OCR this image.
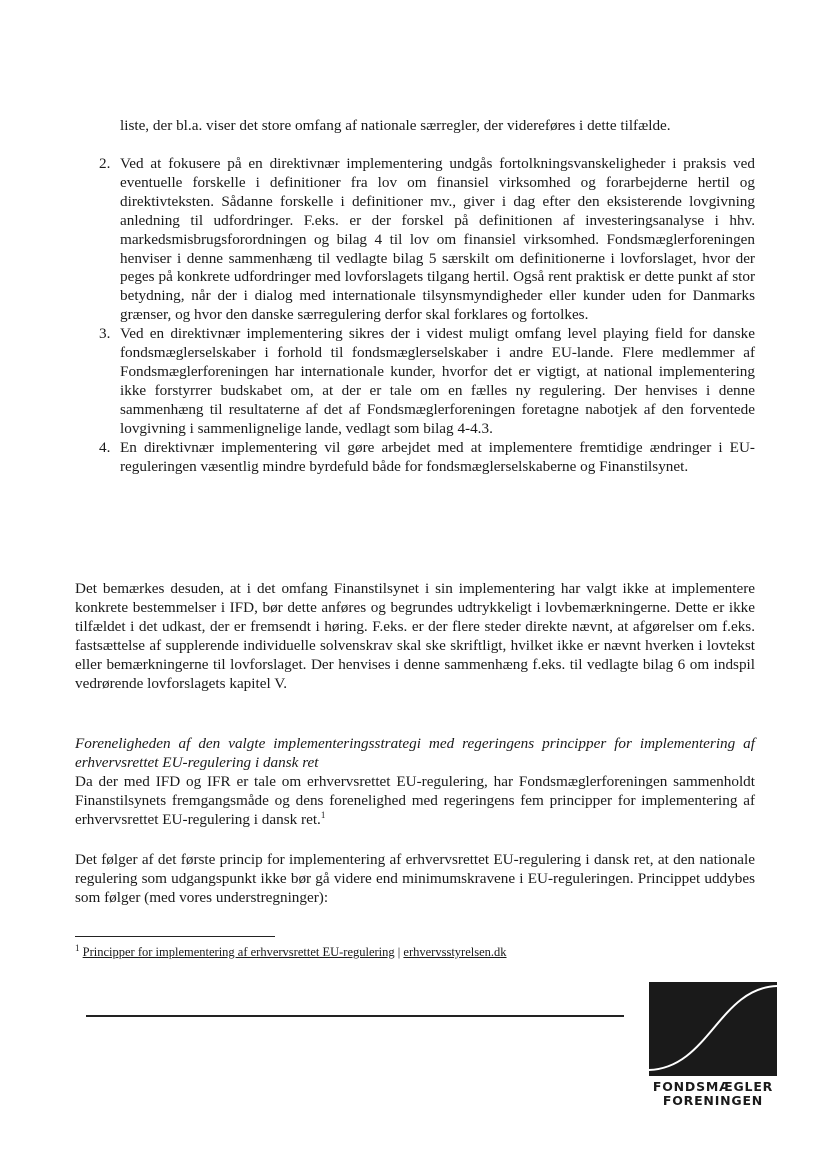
liste, der bl.a. viser det store omfang af nationale særregler, der videreføres i dette tilfælde.

2. Ved at fokusere på en direktivnær implementering undgås fortolkningsvanskeligheder i praksis ved eventuelle forskelle i definitioner fra lov om finansiel virksomhed og forarbejderne hertil og direktivteksten. Sådanne forskelle i definitioner mv., giver i dag efter den eksisterende lovgivning anledning til udfordringer. F.eks. er der forskel på definitionen af investeringsanalyse i hhv. markedsmisbrugsforordningen og bilag 4 til lov om finansiel virksomhed. Fondsmæglerforeningen henviser i denne sammenhæng til vedlagte bilag 5 særskilt om definitionerne i lovforslaget, hvor der peges på konkrete udfordringer med lovforslagets tilgang hertil. Også rent praktisk er dette punkt af stor betydning, når der i dialog med internationale tilsynsmyndigheder eller kunder uden for Danmarks grænser, og hvor den danske særregulering derfor skal forklares og fortolkes.
3. Ved en direktivnær implementering sikres der i videst muligt omfang level playing field for danske fondsmæglerselskaber i forhold til fondsmæglerselskaber i andre EU-lande. Flere medlemmer af Fondsmæglerforeningen har internationale kunder, hvorfor det er vigtigt, at national implementering ikke forstyrrer budskabet om, at der er tale om en fælles ny regulering. Der henvises i denne sammenhæng til resultaterne af det af Fondsmæglerforeningen foretagne nabotjek af den forventede lovgivning i sammenlignelige lande, vedlagt som bilag 4-4.3.
4. En direktivnær implementering vil gøre arbejdet med at implementere fremtidige ændringer i EU-reguleringen væsentlig mindre byrdefuld både for fondsmæglerselskaberne og Finanstilsynet.

Det bemærkes desuden, at i det omfang Finanstilsynet i sin implementering har valgt ikke at implementere konkrete bestemmelser i IFD, bør dette anføres og begrundes udtrykkeligt i lovbemærkningerne. Dette er ikke tilfældet i det udkast, der er fremsendt i høring. F.eks. er der flere steder direkte nævnt, at afgørelser om f.eks. fastsættelse af supplerende individuelle solvenskrav skal ske skriftligt, hvilket ikke er nævnt hverken i lovtekst eller bemærkningerne til lovforslaget. Der henvises i denne sammenhæng f.eks. til vedlagte bilag 6 om indspil vedrørende lovforslagets kapitel V.

Foreneligheden af den valgte implementeringsstrategi med regeringens principper for implementering af erhvervsrettet EU-regulering i dansk ret

Da der med IFD og IFR er tale om erhvervsrettet EU-regulering, har Fondsmæglerforeningen sammenholdt Finanstilsynets fremgangsmåde og dens forenelighed med regeringens fem principper for implementering af erhvervsrettet EU-regulering i dansk ret.$^1$

Det følger af det første princip for implementering af erhvervsrettet EU-regulering i dansk ret, at den nationale regulering som udgangspunkt ikke bør gå videre end minimumskravene i EU-reguleringen. Princippet uddybes som følger (med vores understregninger):

$^1$ Principper for implementering af erhvervsrettet EU-regulering | erhvervsstyrelsen.dk
FONDSMÆGLER
FORENINGEN
